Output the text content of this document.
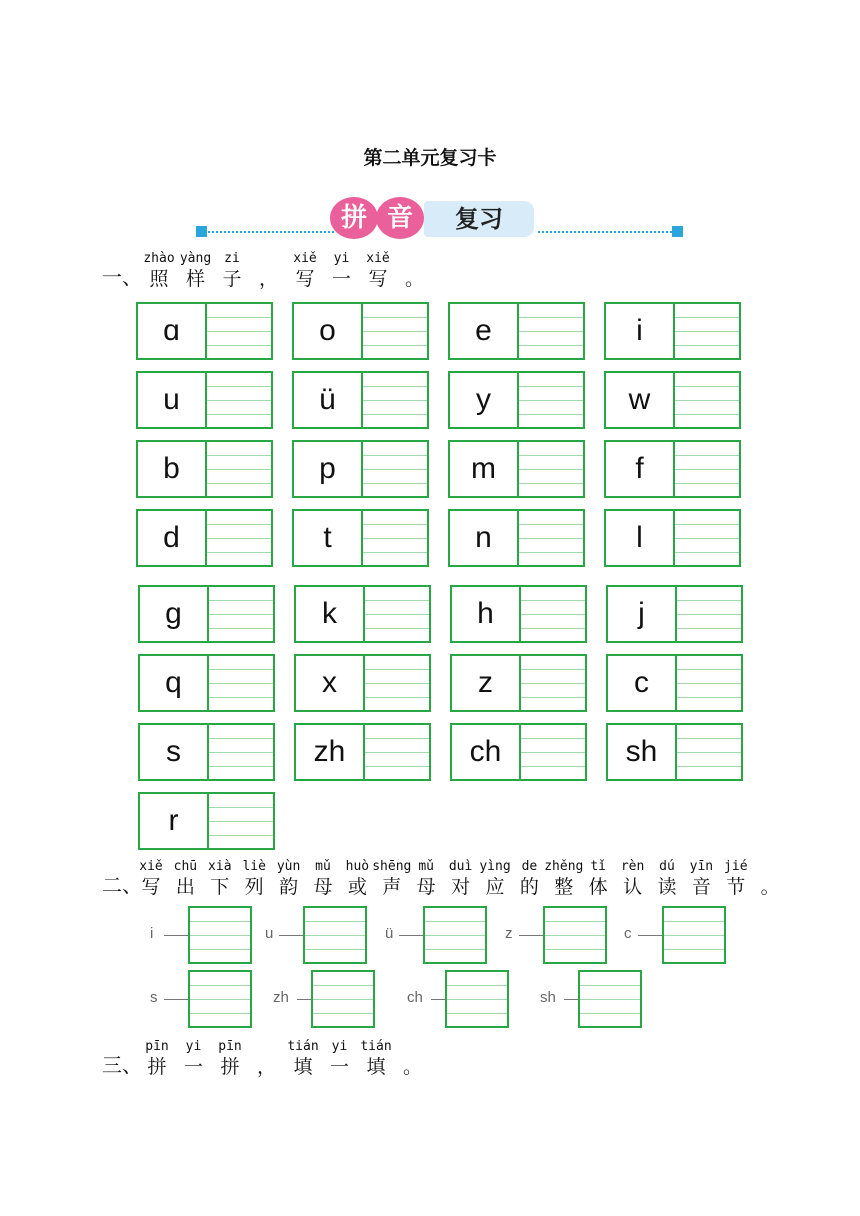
第二单元复习卡
拼 音	复习
一、
zhào
照
yàng
样
zi
子 ，
xiě
写
yi
一
xiě
写 。
ɑ	o	e	i
u	ü	y	w
b	p	m	f
d	t	n	l
g	k	h	j
q	x	z	c
s	zh	ch	sh
r
二、
xiě
写
chū
出
xià
下
liè
列
yùn
韵
mǔ
母
huò
或
shēng
声
mǔ
母
duì
对
yìng
应
de
的
zhěng
整
tǐ
体
rèn
认
dú
读
yīn
音
jié
节 。
i	u	ü	z	c
s	zh	ch	sh
三、
pīn
拼
yi
一
pīn
拼 ，
tián
填
yi
一
tián
填 。
